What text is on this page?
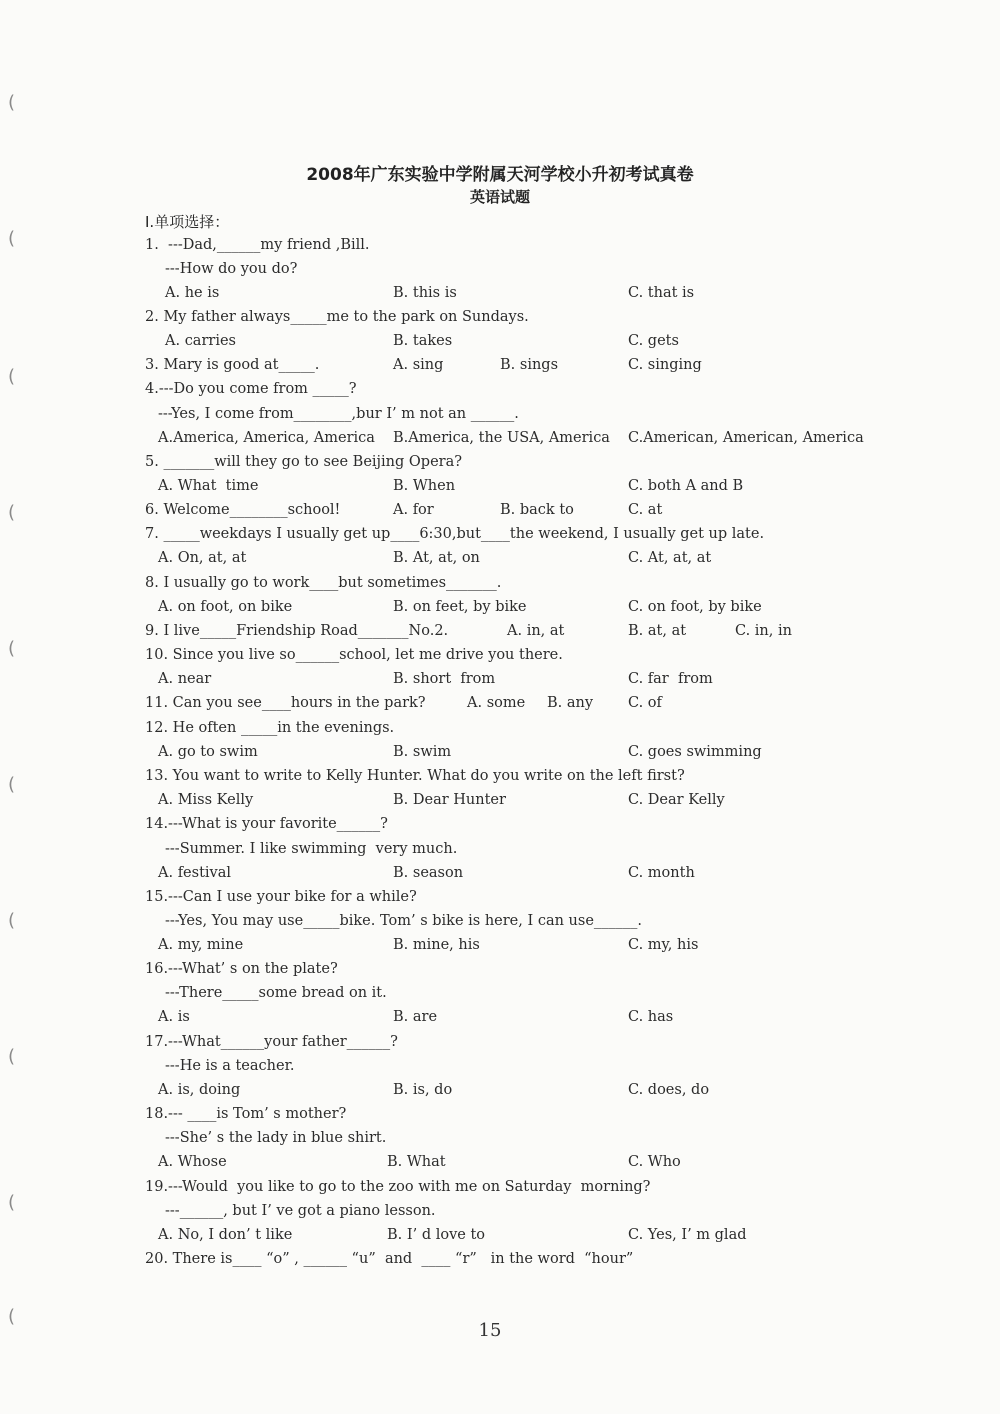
(
(
(
(
(
(
(
(
(
(
2008年广东实验中学附属天河学校小升初考试真卷
英语试题
Ⅰ.单项选择：
1.  ---Dad,______my friend ,Bill.
---How do you do?
A. he is	B. this is	C. that is
2. My father always_____me to the park on Sundays.
A. carries	B. takes	C. gets
3. Mary is good at_____.	A. sing	B. sings	C. singing
4.---Do you come from _____?
---Yes, I come from________,bur I’ m not an ______.
A.America, America, America B.America, the USA, America C.American, American, America
5. _______will they go to see Beijing Opera?
A. What  time	B. When	C. both A and B
6. Welcome________school!	A. for	B. back to	C. at
7. _____weekdays I usually get up____6:30,but____the weekend, I usually get up late.
A. On, at, at	B. At, at, on	C. At, at, at
8. I usually go to work____but sometimes_______.
A. on foot, on bike	B. on feet, by bike	C. on foot, by bike
9. I live_____Friendship Road_______No.2.	A. in, at	B. at, at	C. in, in
10. Since you live so______school, let me drive you there.
A. near	B. short  from	C. far  from
11. Can you see____hours in the park?	A. some B. any C. of
12. He often _____in the evenings.
A. go to swim	B. swim	C. goes swimming
13. You want to write to Kelly Hunter. What do you write on the left first?
A. Miss Kelly	B. Dear Hunter	C. Dear Kelly
14.---What is your favorite______?
---Summer. I like swimming  very much.
A. festival	B. season	C. month
15.---Can I use your bike for a while?
---Yes, You may use_____bike. Tom’ s bike is here, I can use______.
A. my, mine	B. mine, his	C. my, his
16.---What’ s on the plate?
---There_____some bread on it.
A. is	B. are	C. has
17.---What______your father______?
---He is a teacher.
A. is, doing	B. is, do	C. does, do
18.--- ____is Tom’ s mother?
---She’ s the lady in blue shirt.
A. Whose	B. What	C. Who
19.---Would  you like to go to the zoo with me on Saturday  morning?
---______, but I’ ve got a piano lesson.
A. No, I don’ t like	B. I’ d love to	C. Yes, I’ m glad
20. There is____ “o” , ______ “u”  and  ____ “r”   in the word  “hour”
15
